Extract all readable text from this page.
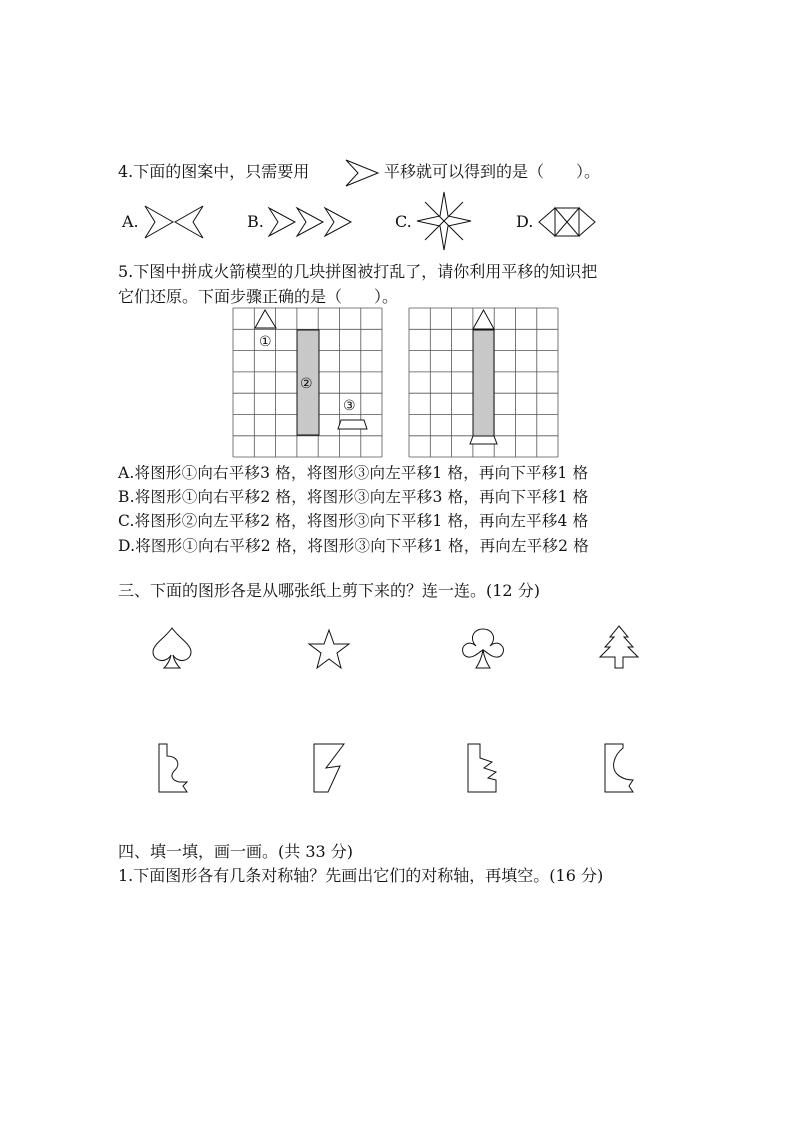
4.下面的图案中，只需要用	平移就可以得到的是（　　）。
A.	B.	C.	D.
5.下图中拼成火箭模型的几块拼图被打乱了，请你利用平移的知识把
它们还原。下面步骤正确的是（　　）。
①
②
③
A.将图形①向右平移3 格，将图形③向左平移1 格，再向下平移1 格
B.将图形①向右平移2 格，将图形③向左平移3 格，再向下平移1 格
C.将图形②向左平移2 格，将图形③向下平移1 格，再向左平移4 格
D.将图形①向右平移2 格，将图形③向下平移1 格，再向左平移2 格
三、下面的图形各是从哪张纸上剪下来的？连一连。(12 分)
四、填一填，画一画。(共 33 分)
1.下面图形各有几条对称轴？先画出它们的对称轴，再填空。(16 分)
